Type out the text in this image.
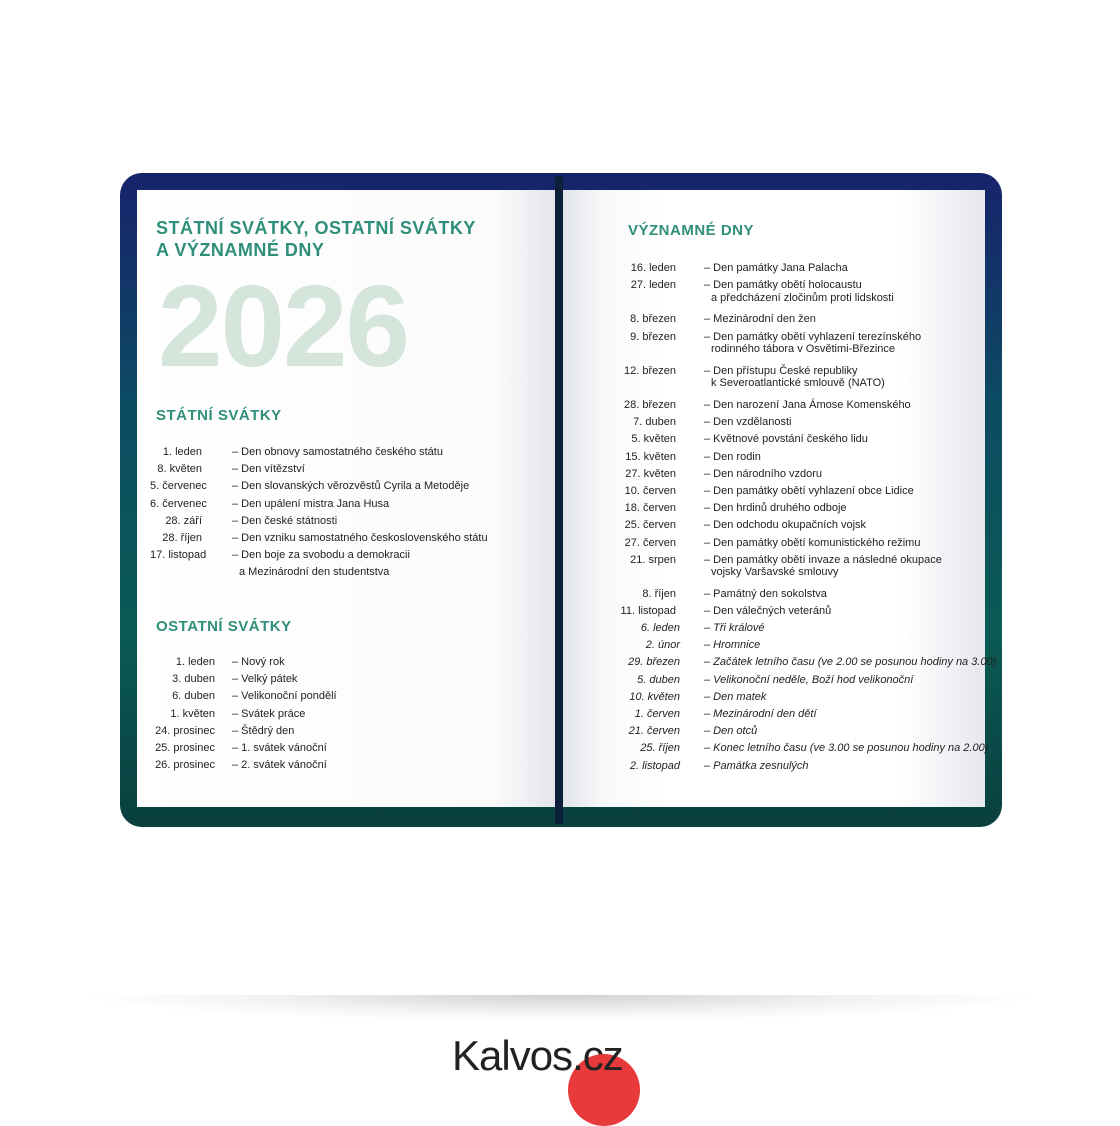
STÁTNÍ SVÁTKY, OSTATNÍ SVÁTKY
A VÝZNAMNÉ DNY
2026
STÁTNÍ SVÁTKY
1. leden	– Den obnovy samostatného českého státu
8. květen	– Den vítězství
5. červenec – Den slovanských věrozvěstů Cyrila a Metoděje
6. červenec – Den upálení mistra Jana Husa
28. září	– Den české státnosti
28. říjen	– Den vzniku samostatného československého státu
17. listopad – Den boje za svobodu a demokracii
a Mezinárodní den studentstva
OSTATNÍ SVÁTKY
1. leden – Nový rok
3. duben – Velký pátek
6. duben – Velikonoční pondělí
1. květen – Svátek práce
24. prosinec – Štědrý den
25. prosinec – 1. svátek vánoční
26. prosinec – 2. svátek vánoční
VÝZNAMNÉ DNY
16. leden	– Den památky Jana Palacha
27. leden	– Den památky obětí holocaustu
a předcházení zločinům proti lidskosti
8. březen	– Mezinárodní den žen
9. březen	– Den památky obětí vyhlazení terezínského
rodinného tábora v Osvětimi-Březince
12. březen	– Den přístupu České republiky
k Severoatlantické smlouvě (NATO)
28. březen	– Den narození Jana Ámose Komenského
7. duben	– Den vzdělanosti
5. květen	– Květnové povstání českého lidu
15. květen	– Den rodin
27. květen	– Den národního vzdoru
10. červen	– Den památky obětí vyhlazení obce Lidice
18. červen	– Den hrdinů druhého odboje
25. červen	– Den odchodu okupačních vojsk
27. červen	– Den památky obětí komunistického režimu
21. srpen	– Den památky obětí invaze a následné okupace
vojsky Varšavské smlouvy
8. říjen	– Památný den sokolstva
11. listopad	– Den válečných veteránů
6. leden – Tři králové
2. únor – Hromnice
29. březen – Začátek letního času (ve 2.00 se posunou hodiny na 3.00)
5. duben – Velikonoční neděle, Boží hod velikonoční
10. květen – Den matek
1. červen – Mezinárodní den dětí
21. červen – Den otců
25. říjen – Konec letního času (ve 3.00 se posunou hodiny na 2.00)
2. listopad – Památka zesnulých
Kalvos.cz
